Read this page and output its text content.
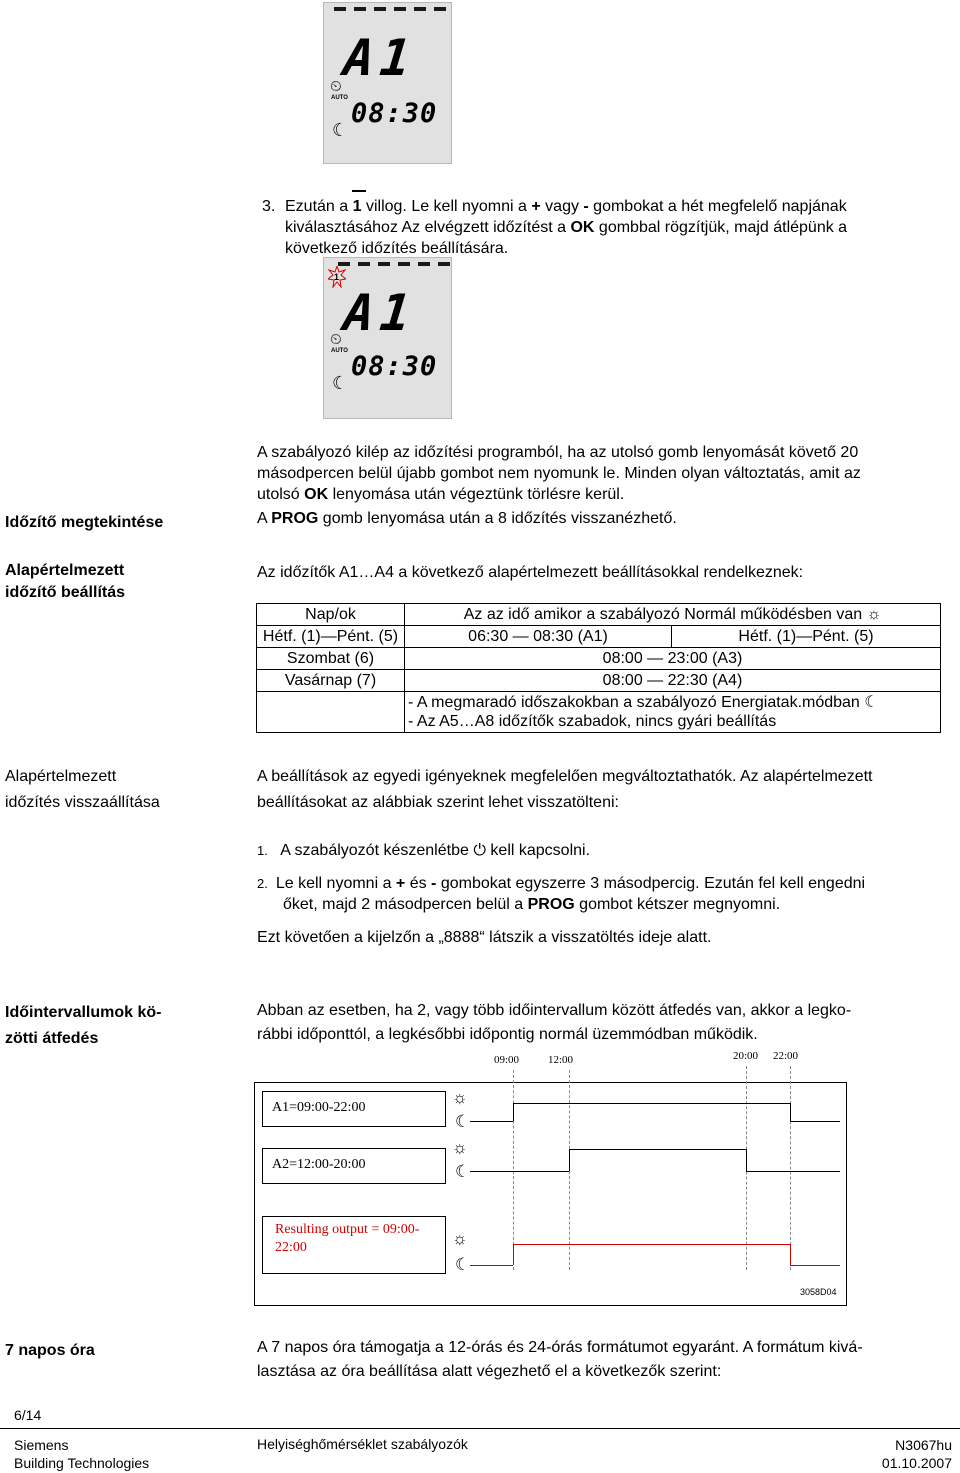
A1
⏲
AUTO 08:30
☾
3. Ezután a
1 villog. Le kell nyomni a + vagy - gombokat a hét megfelelő napjának
kiválasztásához Az elvégzett időzítést a OK gombbal rögzítjük, majd átlépünk a
következő időzítés beállítására.
1
A1
⏲
AUTO 08:30
☾
A szabályozó kilép az időzítési programból, ha az utolsó gomb lenyomását követő 20
másodpercen belül újabb gombot nem nyomunk le. Minden olyan változtatás, amit az
utolsó OK lenyomása után végeztünk törlésre kerül.
Időzítő megtekintése	A PROG gomb lenyomása után a 8 időzítés visszanézhető.
Alapértelmezett
időzítő beállítás
Az időzítők A1…A4 a következő alapértelmezett beállításokkal rendelkeznek:
Nap/ok	Az az idő amikor a szabályozó Normál működésben van ☼	
Hétf. (1)—Pént. (5)	06:30 — 08:30 (A1)	Hétf. (1)—Pént. (5)
Szombat (6)	08:00 — 23:00 (A3)	
Vasárnap (7)	08:00 — 22:30 (A4)	

	- A megmaradó időszakokban a szabályozó Energiatak.módban ☾
- Az A5…A8 időzítők szabadok, nincs gyári beállítás	
Alapértelmezett
időzítés visszaállítása
A beállítások az egyedi igényeknek megfelelően megváltoztathatók. Az alapértelmezett
beállításokat az alábbiak szerint lehet visszatölteni:
1. A szabályozót készenlétbe ⏻ kell kapcsolni.
2. Le kell nyomni a + és - gombokat egyszerre 3 másodpercig. Ezután fel kell engedni
őket, majd 2 másodpercen belül a PROG gombot kétszer megnyomni.
Ezt követően a kijelzőn a „8888“ látszik a visszatöltés ideje alatt.
Időintervallumok kö-
zötti átfedés
Abban az esetben, ha 2, vagy több időintervallum között átfedés van, akkor a legko-
rábbi időponttól, a legkésőbbi időpontig normál üzemmódban működik.
09:00	12:00	20:00 22:00
A1=09:00-22:00
☼
☾
A2=12:00-20:00
☼
☾
Resulting output = 09:00-
22:00	☼
☾
3058D04
7 napos óra	A 7 napos óra támogatja a 12-órás és 24-órás formátumot egyaránt. A formátum kivá-
lasztása az óra beállítása alatt végezhető el a következők szerint:
6/14
Siemens
Building Technologies
Helyiséghőmérséklet szabályozók	N3067hu
01.10.2007
